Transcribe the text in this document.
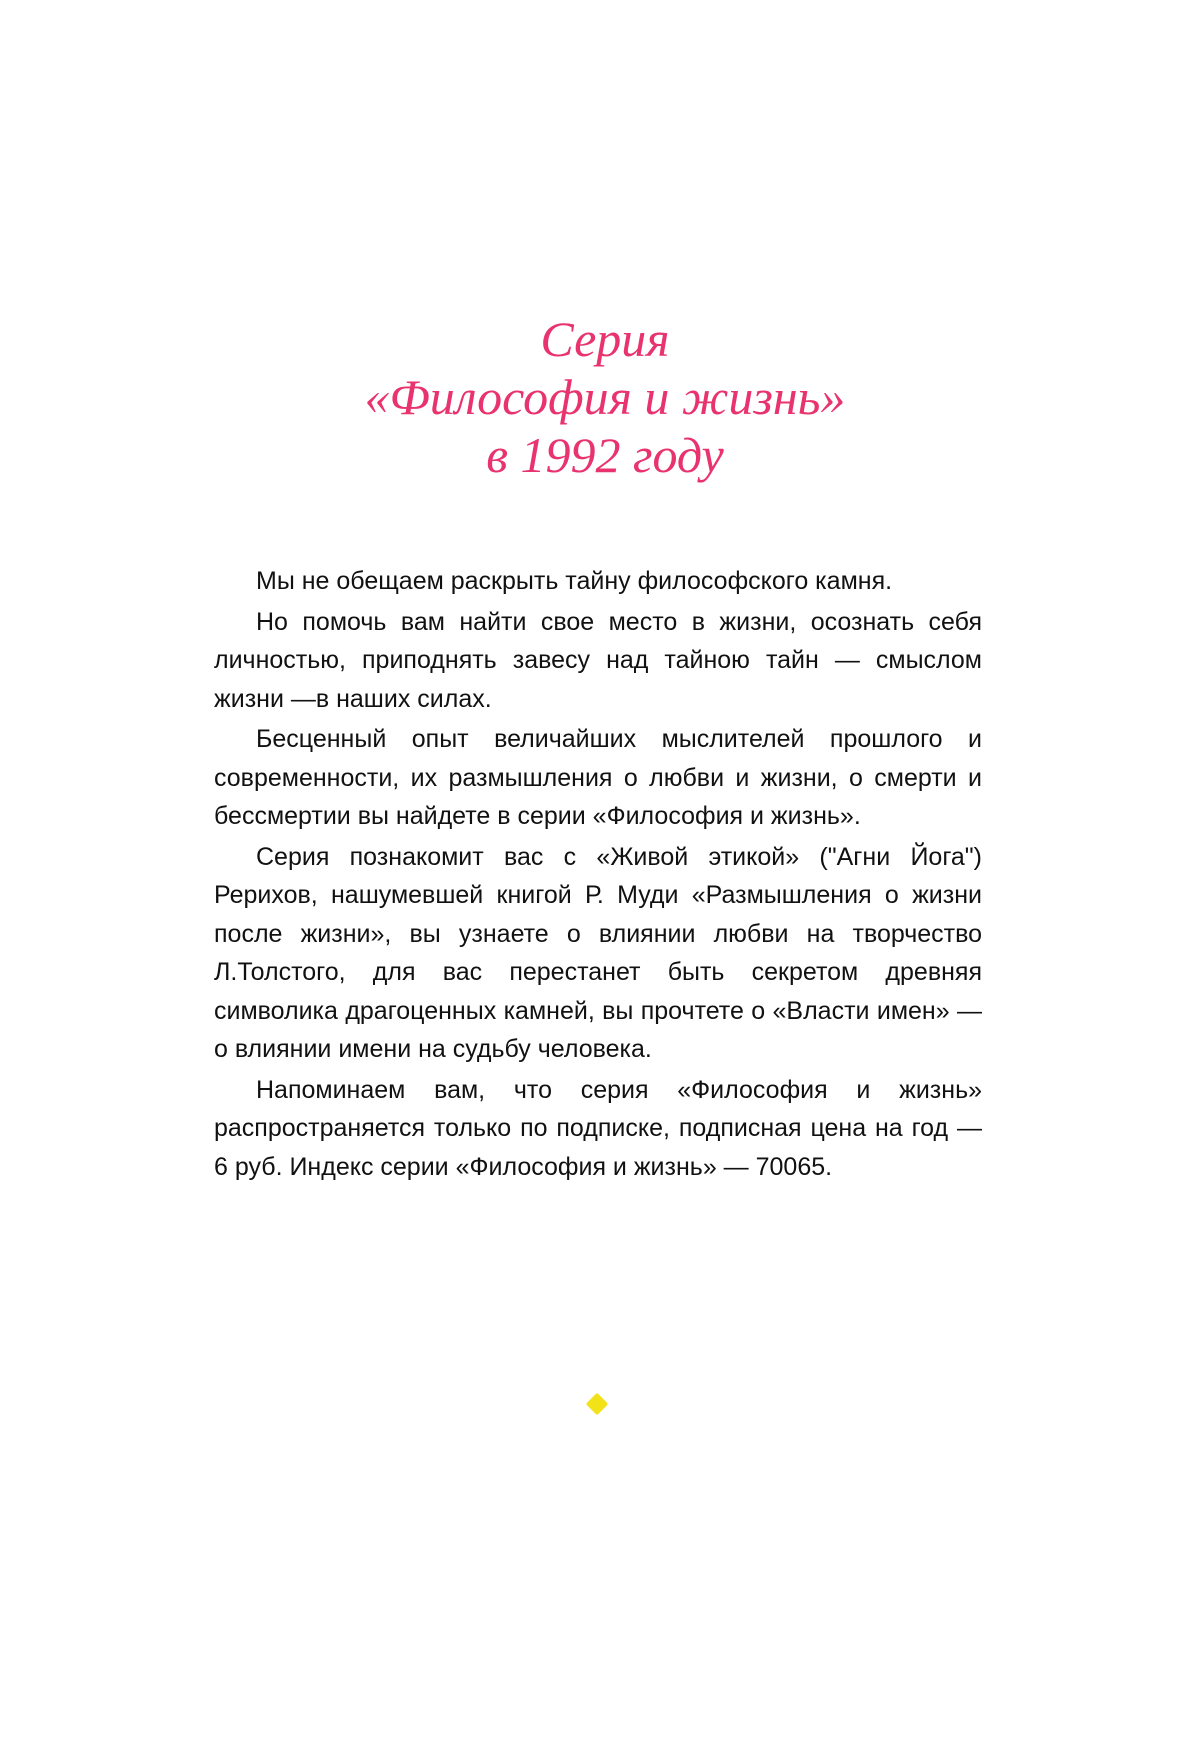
Серия
«Философия и жизнь»
в 1992 году

Мы не обещаем раскрыть тайну философского камня.

Но помочь вам найти свое место в жизни, осознать себя личностью, приподнять завесу над тайною тайн — смыслом жизни —в наших силах.

Бесценный опыт величайших мыслителей прошлого и современности, их размышления о любви и жизни, о смерти и бессмертии вы найдете в серии «Философия и жизнь».

Серия познакомит вас с «Живой этикой» ("Агни Йога") Рерихов, нашумевшей книгой Р. Муди «Размышления о жизни после жизни», вы узнаете о влиянии любви на творчество Л.Толстого, для вас перестанет быть секретом древняя символика драгоценных камней, вы прочтете о «Власти имен» — о влиянии имени на судьбу человека.

Напоминаем вам, что серия «Философия и жизнь» распространяется только по подписке, подписная цена на год — 6 руб. Индекс серии «Философия и жизнь» — 70065.
